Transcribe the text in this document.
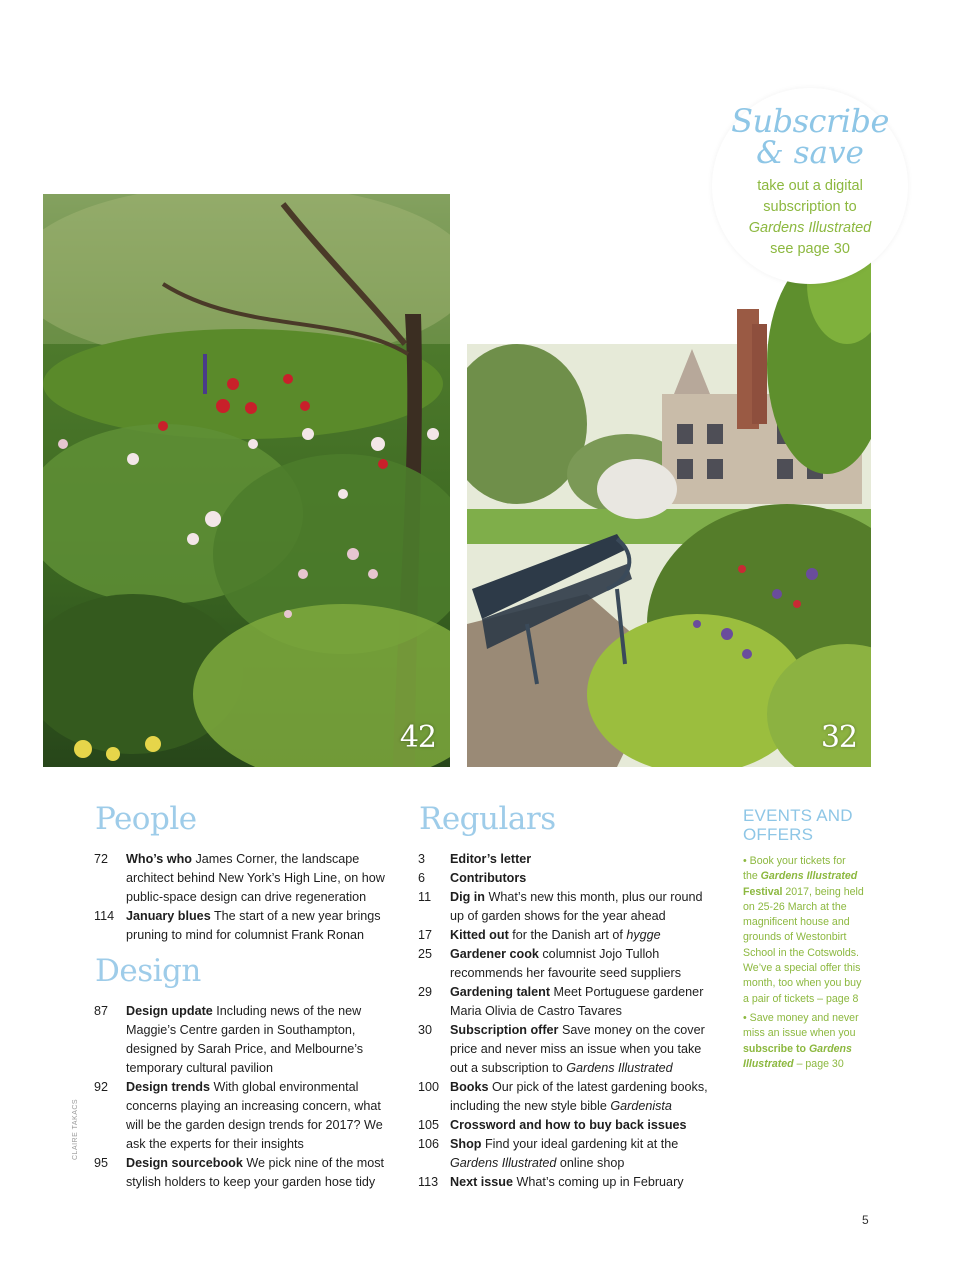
42	32
Subscribe
& save
take out a digital
subscription to
Gardens Illustrated
see page 30
People
72 Who’s who James Corner, the landscape
architect behind New York’s High Line, on how
public-space design can drive regeneration
114 January blues The start of a new year brings
pruning to mind for columnist Frank Ronan
Design
87 Design update Including news of the new
Maggie’s Centre garden in Southampton,
designed by Sarah Price, and Melbourne’s
temporary cultural pavilion
92 Design trends With global environmental
concerns playing an increasing concern, what
will be the garden design trends for 2017? We
ask the experts for their insights
95 Design sourcebook We pick nine of the most
stylish holders to keep your garden hose tidy
Regulars
3 Editor’s letter
6 Contributors
11 Dig in What’s new this month, plus our round
up of garden shows for the year ahead
17 Kitted out for the Danish art of hygge
25 Gardener cook columnist Jojo Tulloh
recommends her favourite seed suppliers
29 Gardening talent Meet Portuguese gardener
Maria Olivia de Castro Tavares
30 Subscription offer Save money on the cover
price and never miss an issue when you take
out a subscription to Gardens Illustrated
100 Books Our pick of the latest gardening books,
including the new style bible Gardenista
105 Crossword and how to buy back issues
106 Shop Find your ideal gardening kit at the
Gardens Illustrated online shop
113 Next issue What’s coming up in February
EVENTS AND
OFFERS
• Book your tickets for
the Gardens Illustrated
Festival 2017, being held
on 25-26 March at the
magnificent house and
grounds of Westonbirt
School in the Cotswolds.
We’ve a special offer this
month, too when you buy
a pair of tickets – page 8
• Save money and never
miss an issue when you
subscribe to Gardens
Illustrated – page 30
CLAIRE TAKACS
5
